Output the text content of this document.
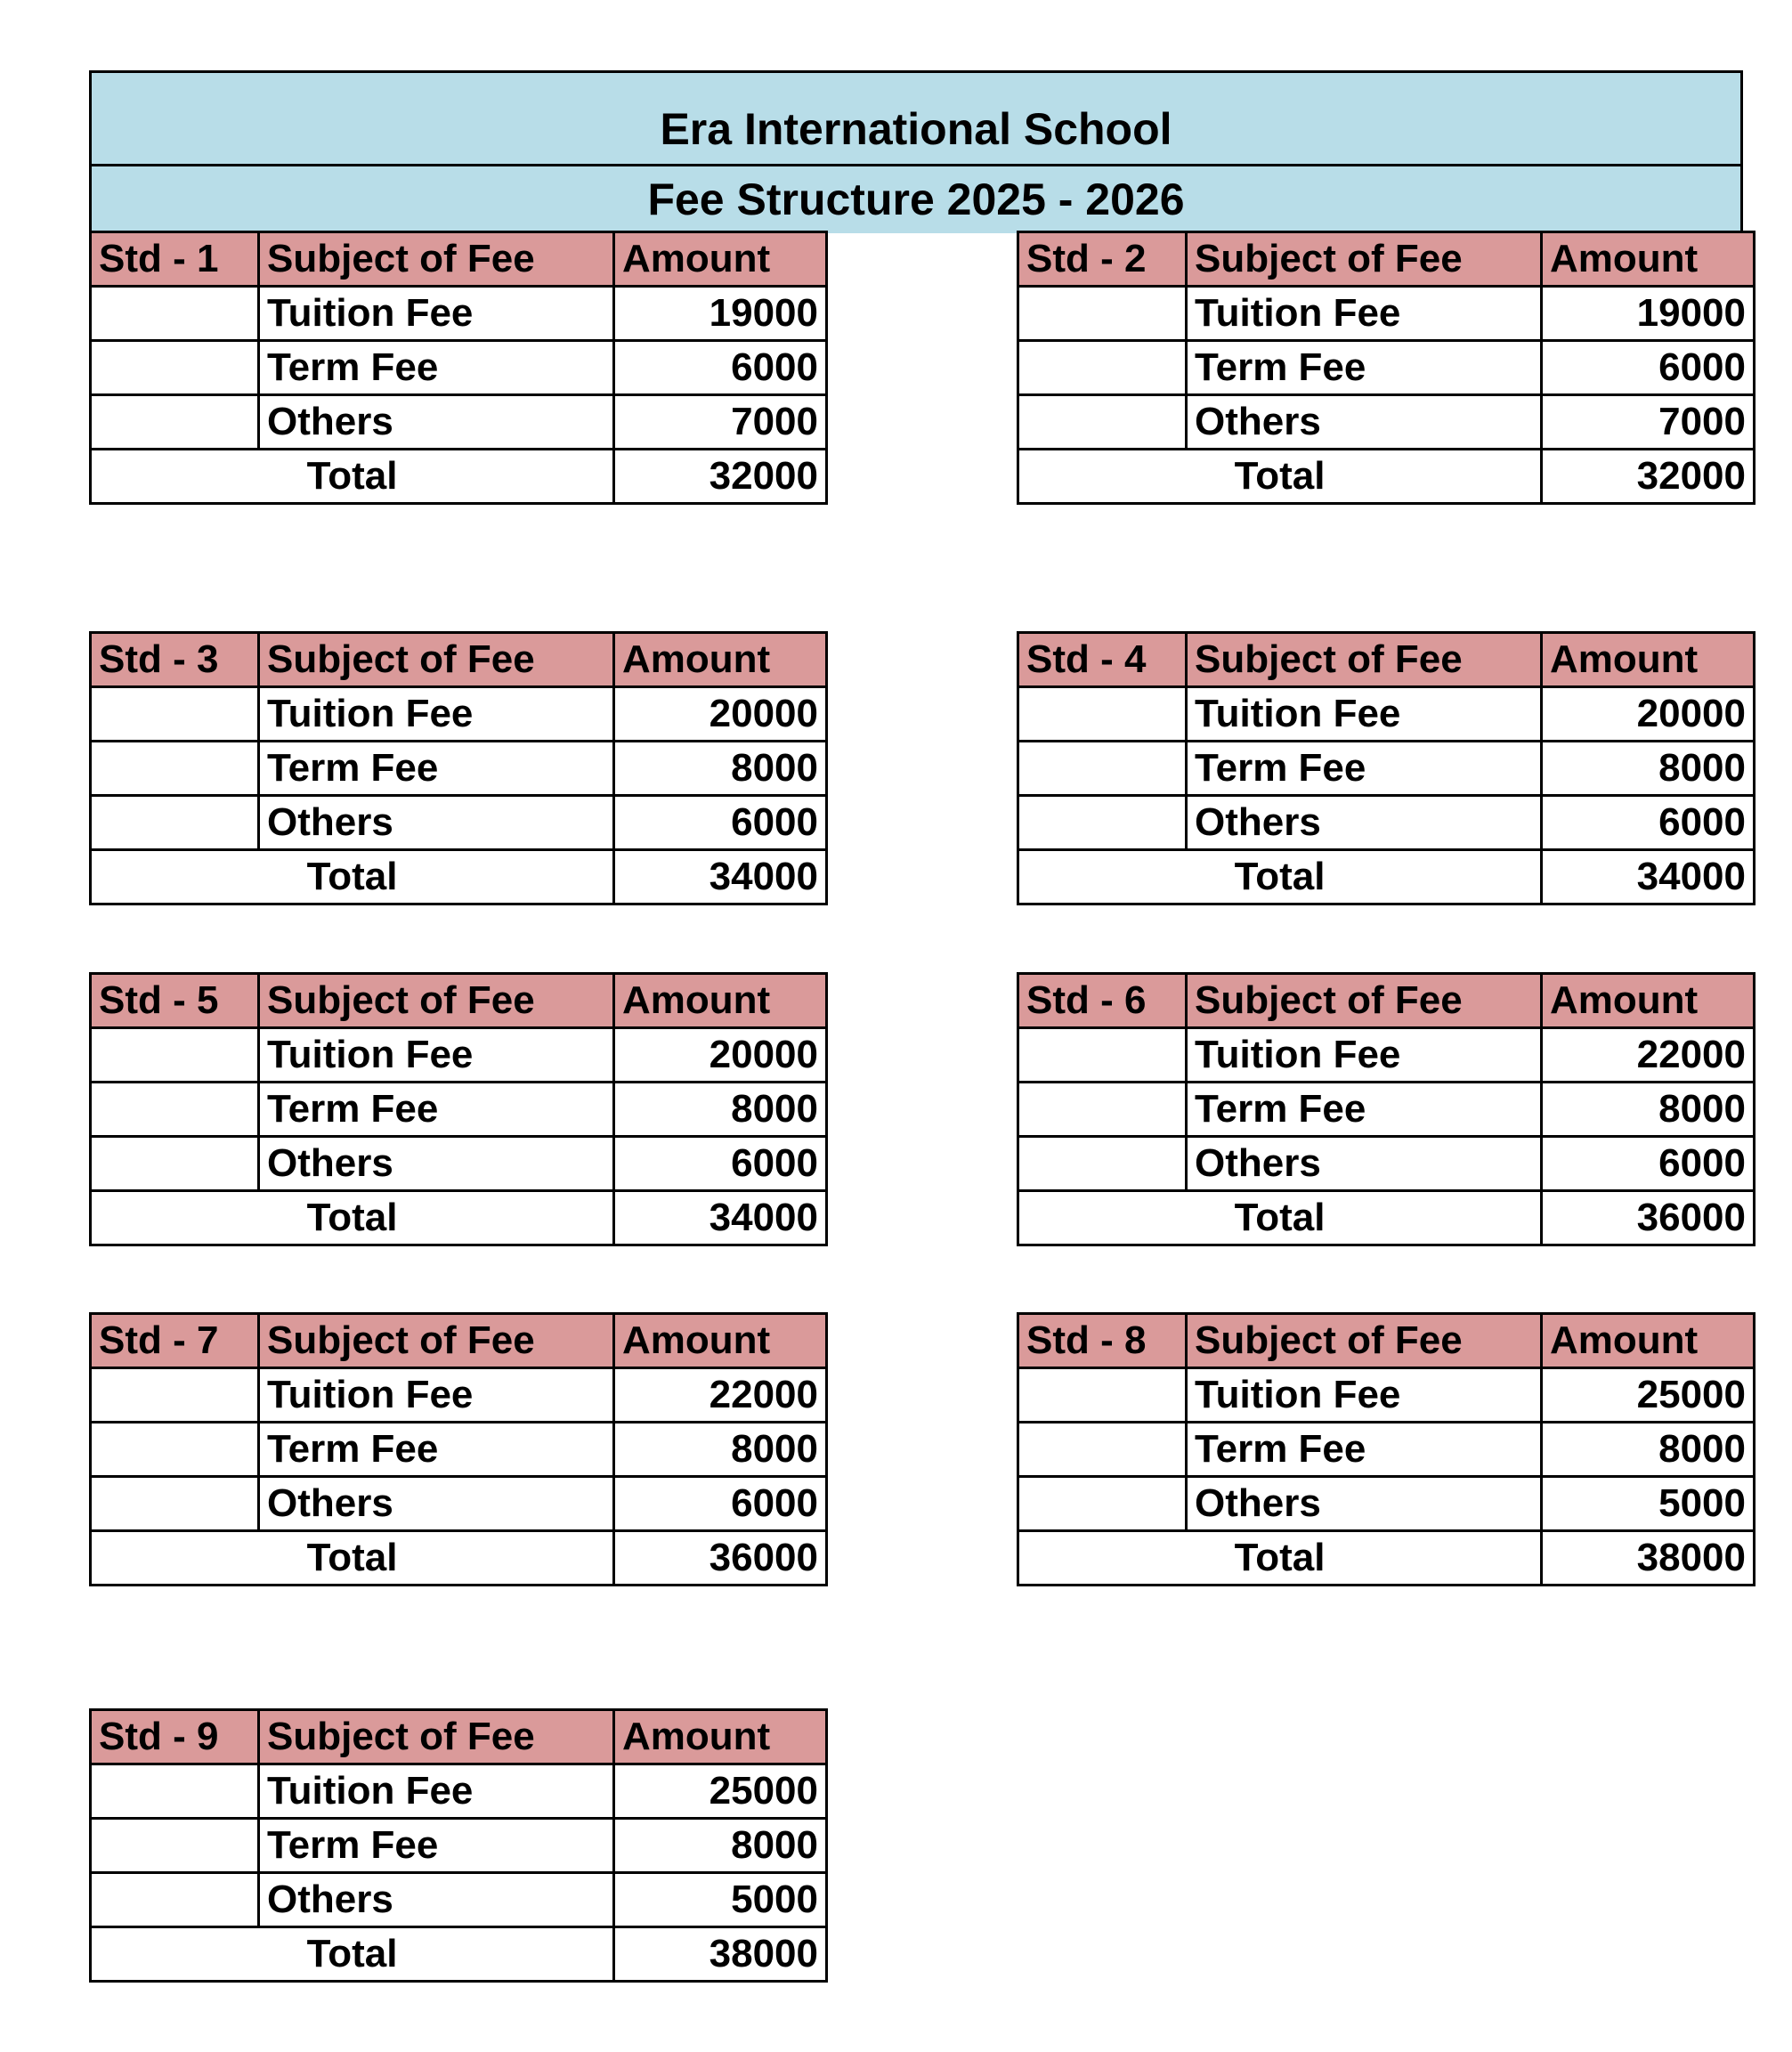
Era International School
Fee Structure 2025 - 2026
Std - 1	Subject of Fee	Amount
	Tuition Fee	19000
	Term Fee	6000
	Others	7000
Total		32000
Std - 2	Subject of Fee	Amount
	Tuition Fee	19000
	Term Fee	6000
	Others	7000
Total		32000
Std - 3	Subject of Fee	Amount
	Tuition Fee	20000
	Term Fee	8000
	Others	6000
Total		34000
Std - 4	Subject of Fee	Amount
	Tuition Fee	20000
	Term Fee	8000
	Others	6000
Total		34000
Std - 5	Subject of Fee	Amount
	Tuition Fee	20000
	Term Fee	8000
	Others	6000
Total		34000
Std - 6	Subject of Fee	Amount
	Tuition Fee	22000
	Term Fee	8000
	Others	6000
Total		36000
Std - 7	Subject of Fee	Amount
	Tuition Fee	22000
	Term Fee	8000
	Others	6000
Total		36000
Std - 8	Subject of Fee	Amount
	Tuition Fee	25000
	Term Fee	8000
	Others	5000
Total		38000
Std - 9	Subject of Fee	Amount
	Tuition Fee	25000
	Term Fee	8000
	Others	5000
Total		38000
